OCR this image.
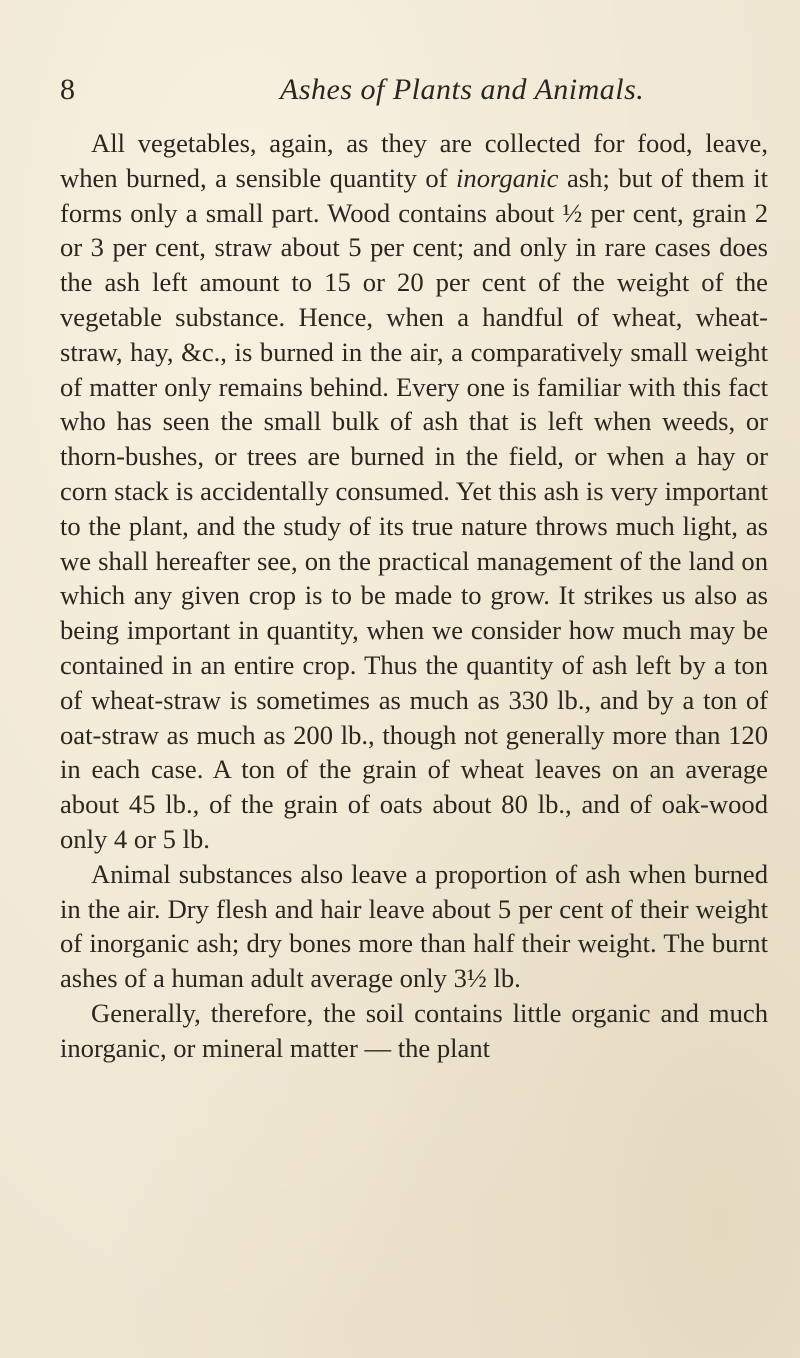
8	Ashes of Plants and Animals.

All vegetables, again, as they are collected for food, leave, when burned, a sensible quantity of inorganic ash; but of them it forms only a small part. Wood contains about ½ per cent, grain 2 or 3 per cent, straw about 5 per cent; and only in rare cases does the ash left amount to 15 or 20 per cent of the weight of the vegetable substance. Hence, when a handful of wheat, wheat-straw, hay, &c., is burned in the air, a comparatively small weight of matter only remains behind. Every one is familiar with this fact who has seen the small bulk of ash that is left when weeds, or thorn-bushes, or trees are burned in the field, or when a hay or corn stack is accidentally consumed. Yet this ash is very important to the plant, and the study of its true nature throws much light, as we shall hereafter see, on the practical management of the land on which any given crop is to be made to grow. It strikes us also as being important in quantity, when we consider how much may be contained in an entire crop. Thus the quantity of ash left by a ton of wheat-straw is sometimes as much as 330 lb., and by a ton of oat-straw as much as 200 lb., though not generally more than 120 in each case. A ton of the grain of wheat leaves on an average about 45 lb., of the grain of oats about 80 lb., and of oak-wood only 4 or 5 lb.

Animal substances also leave a proportion of ash when burned in the air. Dry flesh and hair leave about 5 per cent of their weight of inorganic ash; dry bones more than half their weight. The burnt ashes of a human adult average only 3½ lb.

Generally, therefore, the soil contains little organic and much inorganic, or mineral matter — the plant
